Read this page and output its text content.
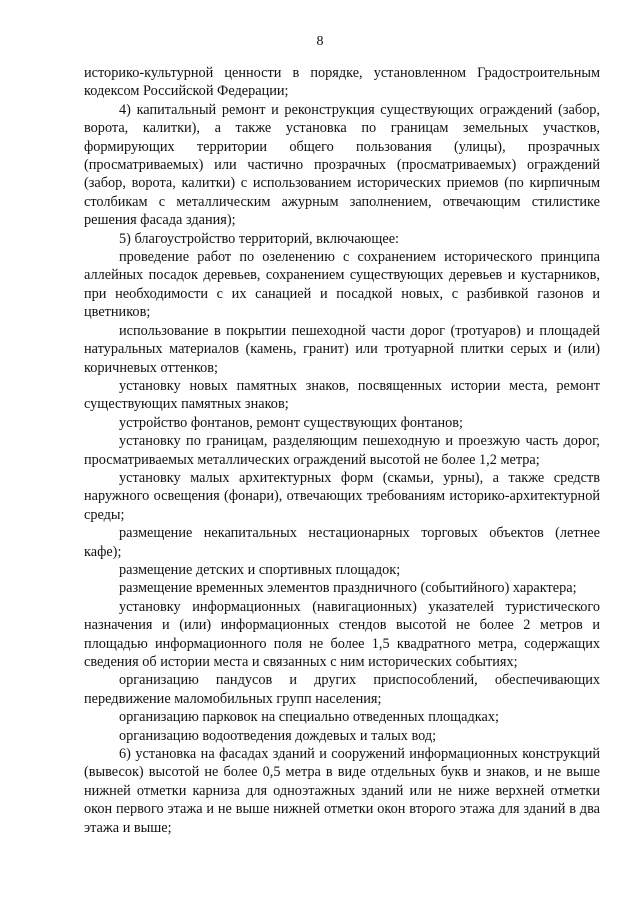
8

историко-культурной ценности в порядке, установленном Градостроительным кодексом Российской Федерации;

4) капитальный ремонт и реконструкция существующих ограждений (забор, ворота, калитки), а также установка по границам земельных участков, формирующих территории общего пользования (улицы), прозрачных (просматриваемых) или частично прозрачных (просматриваемых) ограждений (забор, ворота, калитки) с использованием исторических приемов (по кирпичным столбикам с металлическим ажурным заполнением, отвечающим стилистике решения фасада здания);

5) благоустройство территорий, включающее:

проведение работ по озеленению с сохранением исторического принципа аллейных посадок деревьев, сохранением существующих деревьев и кустарников, при необходимости с их санацией и посадкой новых, с разбивкой газонов и цветников;

использование в покрытии пешеходной части дорог (тротуаров) и площадей натуральных материалов (камень, гранит) или тротуарной плитки серых и (или) коричневых оттенков;

установку новых памятных знаков, посвященных истории места, ремонт существующих памятных знаков;

устройство фонтанов, ремонт существующих фонтанов;

установку по границам, разделяющим пешеходную и проезжую часть дорог, просматриваемых металлических ограждений высотой не более 1,2 метра;

установку малых архитектурных форм (скамьи, урны), а также средств наружного освещения (фонари), отвечающих требованиям историко-архитектурной среды;

размещение некапитальных нестационарных торговых объектов (летнее кафе);

размещение детских и спортивных площадок;

размещение временных элементов праздничного (событийного) характера;

установку информационных (навигационных) указателей туристического назначения и (или) информационных стендов высотой не более 2 метров и площадью информационного поля не более 1,5 квадратного метра, содержащих сведения об истории места и связанных с ним исторических событиях;

организацию пандусов и других приспособлений, обеспечивающих передвижение маломобильных групп населения;

организацию парковок на специально отведенных площадках;

организацию водоотведения дождевых и талых вод;

6) установка на фасадах зданий и сооружений информационных конструкций (вывесок) высотой не более 0,5 метра в виде отдельных букв и знаков, и не выше нижней отметки карниза для одноэтажных зданий или не ниже верхней отметки окон первого этажа и не выше нижней отметки окон второго этажа для зданий в два этажа и выше;
